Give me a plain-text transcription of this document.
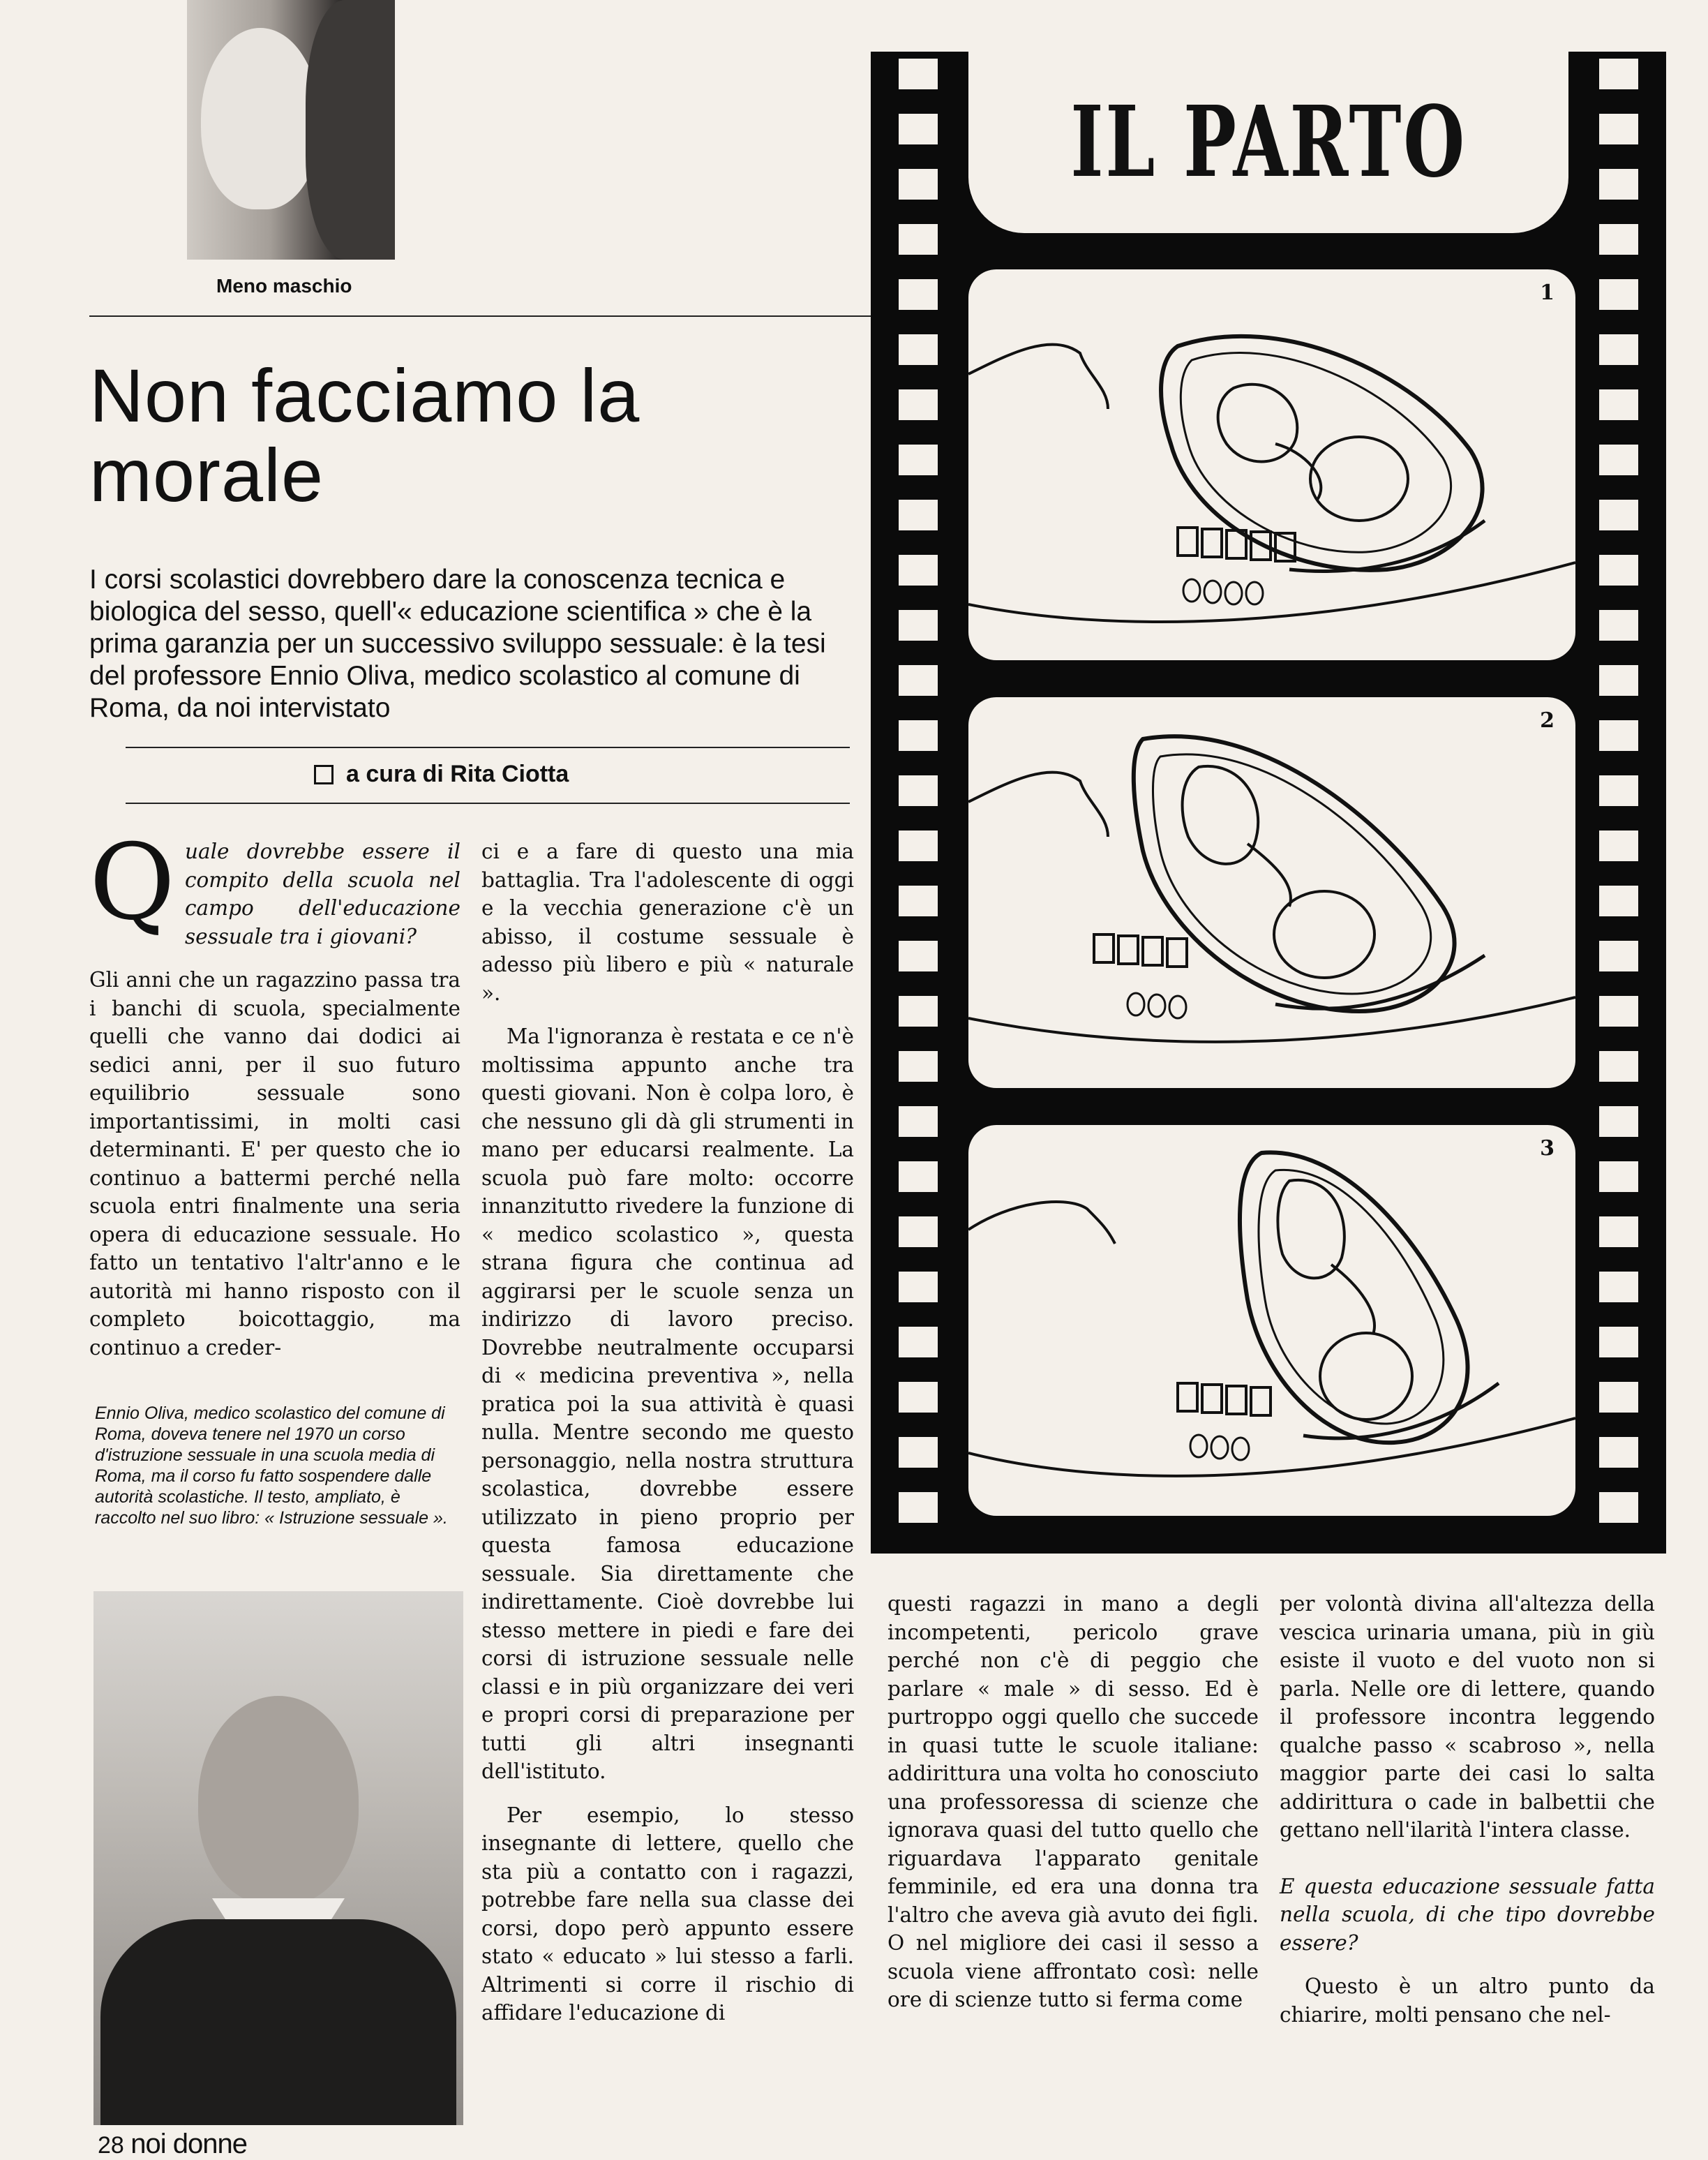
Meno maschio
Non facciamo la morale
I corsi scolastici dovrebbero dare la conoscenza tecnica e biologica del sesso, quell'« educazione scientifica » che è la prima garanzia per un successivo sviluppo sessuale: è la tesi del professore Ennio Oliva, medico scolastico al comune di Roma, da noi intervistato
a cura di Rita Ciotta
IL PARTO
1
2
3

Quale dovrebbe essere il compito della scuola nel campo dell'educazione sessuale tra i giovani?

Gli anni che un ragazzino passa tra i banchi di scuola, specialmente quelli che vanno dai dodici ai sedici anni, per il suo futuro equilibrio sessuale sono importantissimi, in molti casi determinanti. E' per questo che io continuo a battermi perché nella scuola entri finalmente una seria opera di educazione sessuale. Ho fatto un tentativo l'altr'anno e le autorità mi hanno risposto con il completo boicottaggio, ma continuo a creder-

Ennio Oliva, medico scolastico del comune di Roma, doveva tenere nel 1970 un corso d'istruzione sessuale in una scuola media di Roma, ma il corso fu fatto sospendere dalle autorità scolastiche. Il testo, ampliato, è raccolto nel suo libro: « Istruzione sessuale ».

ci e a fare di questo una mia battaglia. Tra l'adolescente di oggi e la vecchia generazione c'è un abisso, il costume sessuale è adesso più libero e più « naturale ».

Ma l'ignoranza è restata e ce n'è moltissima appunto anche tra questi giovani. Non è colpa loro, è che nessuno gli dà gli strumenti in mano per educarsi realmente. La scuola può fare molto: occorre innanzitutto rivedere la funzione di « medico scolastico », questa strana figura che continua ad aggirarsi per le scuole senza un indirizzo di lavoro preciso. Dovrebbe neutralmente occuparsi di « medicina preventiva », nella pratica poi la sua attività è quasi nulla. Mentre secondo me questo personaggio, nella nostra struttura scolastica, dovrebbe essere utilizzato in pieno proprio per questa famosa educazione sessuale. Sia direttamente che indirettamente. Cioè dovrebbe lui stesso mettere in piedi e fare dei corsi di istruzione sessuale nelle classi e in più organizzare dei veri e propri corsi di preparazione per tutti gli altri insegnanti dell'istituto.

Per esempio, lo stesso insegnante di lettere, quello che sta più a contatto con i ragazzi, potrebbe fare nella sua classe dei corsi, dopo però appunto essere stato « educato » lui stesso a farli. Altrimenti si corre il rischio di affidare l'educazione di

questi ragazzi in mano a degli incompetenti, pericolo grave perché non c'è di peggio che parlare « male » di sesso. Ed è purtroppo oggi quello che succede in quasi tutte le scuole italiane: addirittura una volta ho conosciuto una professoressa di scienze che ignorava quasi del tutto quello che riguardava l'apparato genitale femminile, ed era una donna tra l'altro che aveva già avuto dei figli. O nel migliore dei casi il sesso a scuola viene affrontato così: nelle ore di scienze tutto si ferma come

per volontà divina all'altezza della vescica urinaria umana, più in giù esiste il vuoto e del vuoto non si parla. Nelle ore di lettere, quando il professore incontra leggendo qualche passo « scabroso », nella maggior parte dei casi lo salta addirittura o cade in balbettii che gettano nell'ilarità l'intera classe.

E questa educazione sessuale fatta nella scuola, di che tipo dovrebbe essere?

Questo è un altro punto da chiarire, molti pensano che nel-

28 noi donne
